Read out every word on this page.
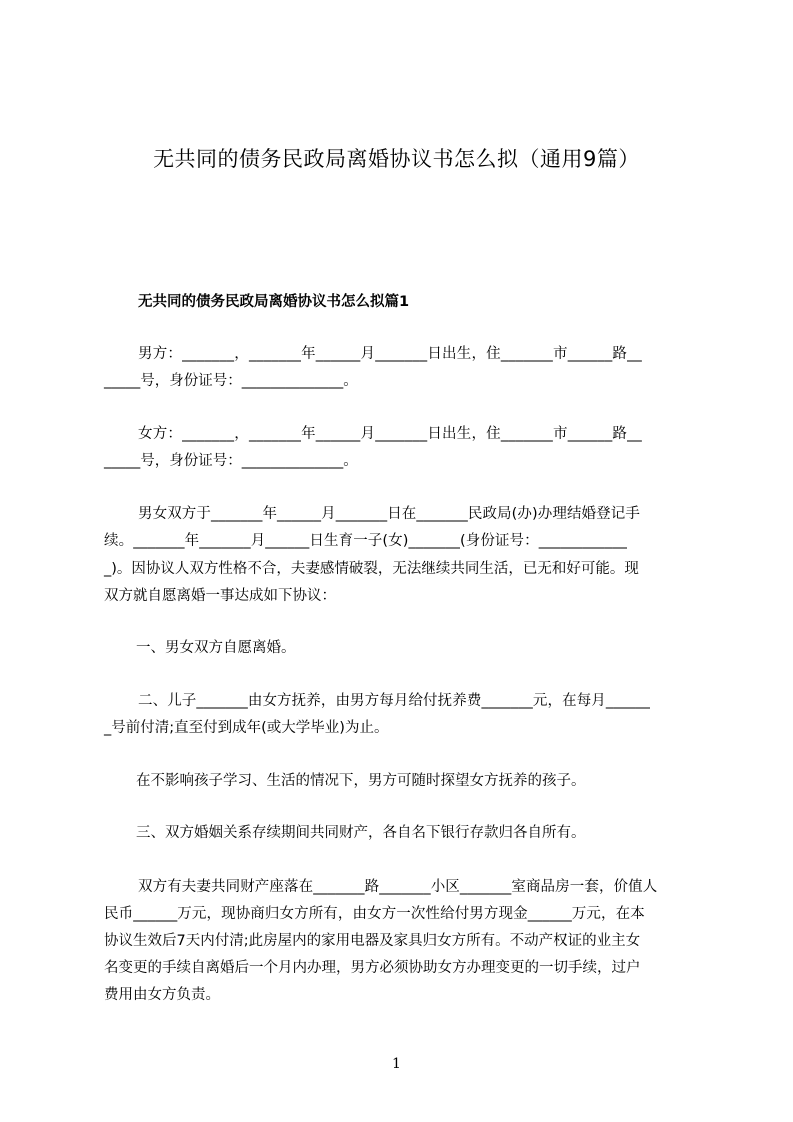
无共同的债务民政局离婚协议书怎么拟（通用9篇）
无共同的债务民政局离婚协议书怎么拟篇1
男方：_______，_______年______月_______日出生，住_______市______路__
_____号，身份证号：______________。
女方：_______，_______年______月_______日出生，住_______市______路__
_____号，身份证号：______________。
男女双方于_______年______月_______日在_______民政局(办)办理结婚登记手
续。_______年_______月______日生育一子(女)_______(身份证号：____________
_)。因协议人双方性格不合，夫妻感情破裂，无法继续共同生活，已无和好可能。现
双方就自愿离婚一事达成如下协议：
一、男女双方自愿离婚。
二、儿子_______由女方抚养，由男方每月给付抚养费_______元，在每月______
_号前付清;直至付到成年(或大学毕业)为止。
在不影响孩子学习、生活的情况下，男方可随时探望女方抚养的孩子。
三、双方婚姻关系存续期间共同财产，各自名下银行存款归各自所有。
双方有夫妻共同财产座落在_______路_______小区_______室商品房一套，价值人
民币______万元，现协商归女方所有，由女方一次性给付男方现金______万元，在本
协议生效后7天内付清;此房屋内的家用电器及家具归女方所有。不动产权证的业主女
名变更的手续自离婚后一个月内办理，男方必须协助女方办理变更的一切手续，过户
费用由女方负责。
1
